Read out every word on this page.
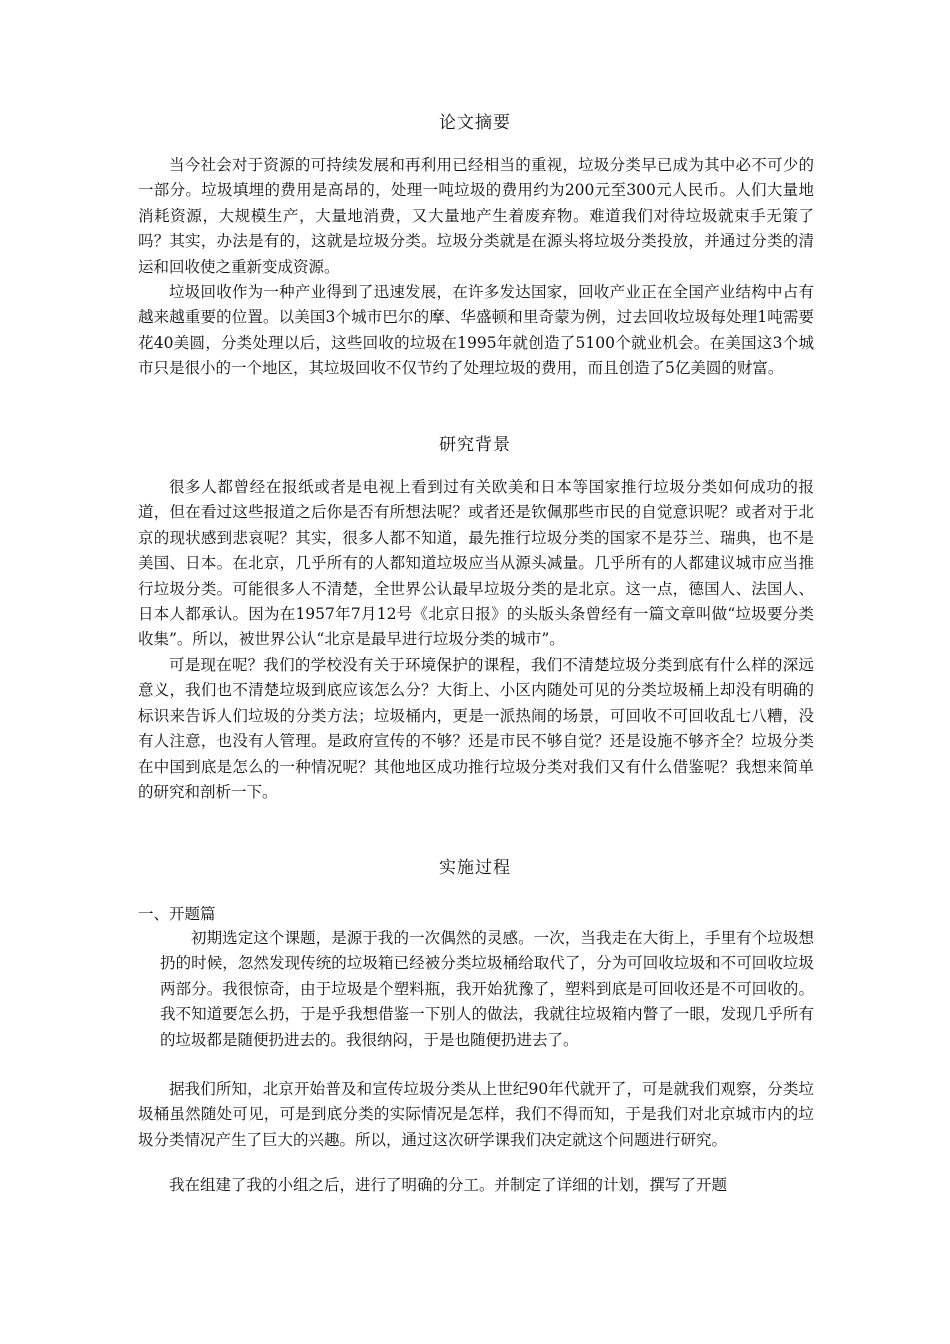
论文摘要

当今社会对于资源的可持续发展和再利用已经相当的重视，垃圾分类早已成为其中必不可少的一部分。垃圾填埋的费用是高昂的，处理一吨垃圾的费用约为200元至300元人民币。人们大量地消耗资源，大规模生产，大量地消费，又大量地产生着废弃物。难道我们对待垃圾就束手无策了吗？其实，办法是有的，这就是垃圾分类。垃圾分类就是在源头将垃圾分类投放，并通过分类的清运和回收使之重新变成资源。

垃圾回收作为一种产业得到了迅速发展，在许多发达国家，回收产业正在全国产业结构中占有越来越重要的位置。以美国3个城市巴尔的摩、华盛顿和里奇蒙为例，过去回收垃圾每处理1吨需要花40美圆，分类处理以后，这些回收的垃圾在1995年就创造了5100个就业机会。在美国这3个城市只是很小的一个地区，其垃圾回收不仅节约了处理垃圾的费用，而且创造了5亿美圆的财富。

研究背景

很多人都曾经在报纸或者是电视上看到过有关欧美和日本等国家推行垃圾分类如何成功的报道，但在看过这些报道之后你是否有所想法呢？或者还是钦佩那些市民的自觉意识呢？或者对于北京的现状感到悲哀呢？其实，很多人都不知道，最先推行垃圾分类的国家不是芬兰、瑞典，也不是美国、日本。在北京，几乎所有的人都知道垃圾应当从源头减量。几乎所有的人都建议城市应当推行垃圾分类。可能很多人不清楚，全世界公认最早垃圾分类的是北京。这一点，德国人、法国人、日本人都承认。因为在1957年7月12号《北京日报》的头版头条曾经有一篇文章叫做“垃圾要分类收集”。所以，被世界公认“北京是最早进行垃圾分类的城市”。

可是现在呢？我们的学校没有关于环境保护的课程，我们不清楚垃圾分类到底有什么样的深远意义，我们也不清楚垃圾到底应该怎么分？大街上、小区内随处可见的分类垃圾桶上却没有明确的标识来告诉人们垃圾的分类方法；垃圾桶内，更是一派热闹的场景，可回收不可回收乱七八糟，没有人注意，也没有人管理。是政府宣传的不够？还是市民不够自觉？还是设施不够齐全？垃圾分类在中国到底是怎么的一种情况呢？其他地区成功推行垃圾分类对我们又有什么借鉴呢？我想来简单的研究和剖析一下。

实施过程
一、开题篇

初期选定这个课题，是源于我的一次偶然的灵感。一次，当我走在大街上，手里有个垃圾想扔的时候，忽然发现传统的垃圾箱已经被分类垃圾桶给取代了，分为可回收垃圾和不可回收垃圾两部分。我很惊奇，由于垃圾是个塑料瓶，我开始犹豫了，塑料到底是可回收还是不可回收的。我不知道要怎么扔，于是乎我想借鉴一下别人的做法，我就往垃圾箱内瞥了一眼，发现几乎所有的垃圾都是随便扔进去的。我很纳闷，于是也随便扔进去了。

据我们所知，北京开始普及和宣传垃圾分类从上世纪90年代就开了，可是就我们观察，分类垃圾桶虽然随处可见，可是到底分类的实际情况是怎样，我们不得而知，于是我们对北京城市内的垃圾分类情况产生了巨大的兴趣。所以，通过这次研学课我们决定就这个问题进行研究。

我在组建了我的小组之后，进行了明确的分工。并制定了详细的计划，撰写了开题
